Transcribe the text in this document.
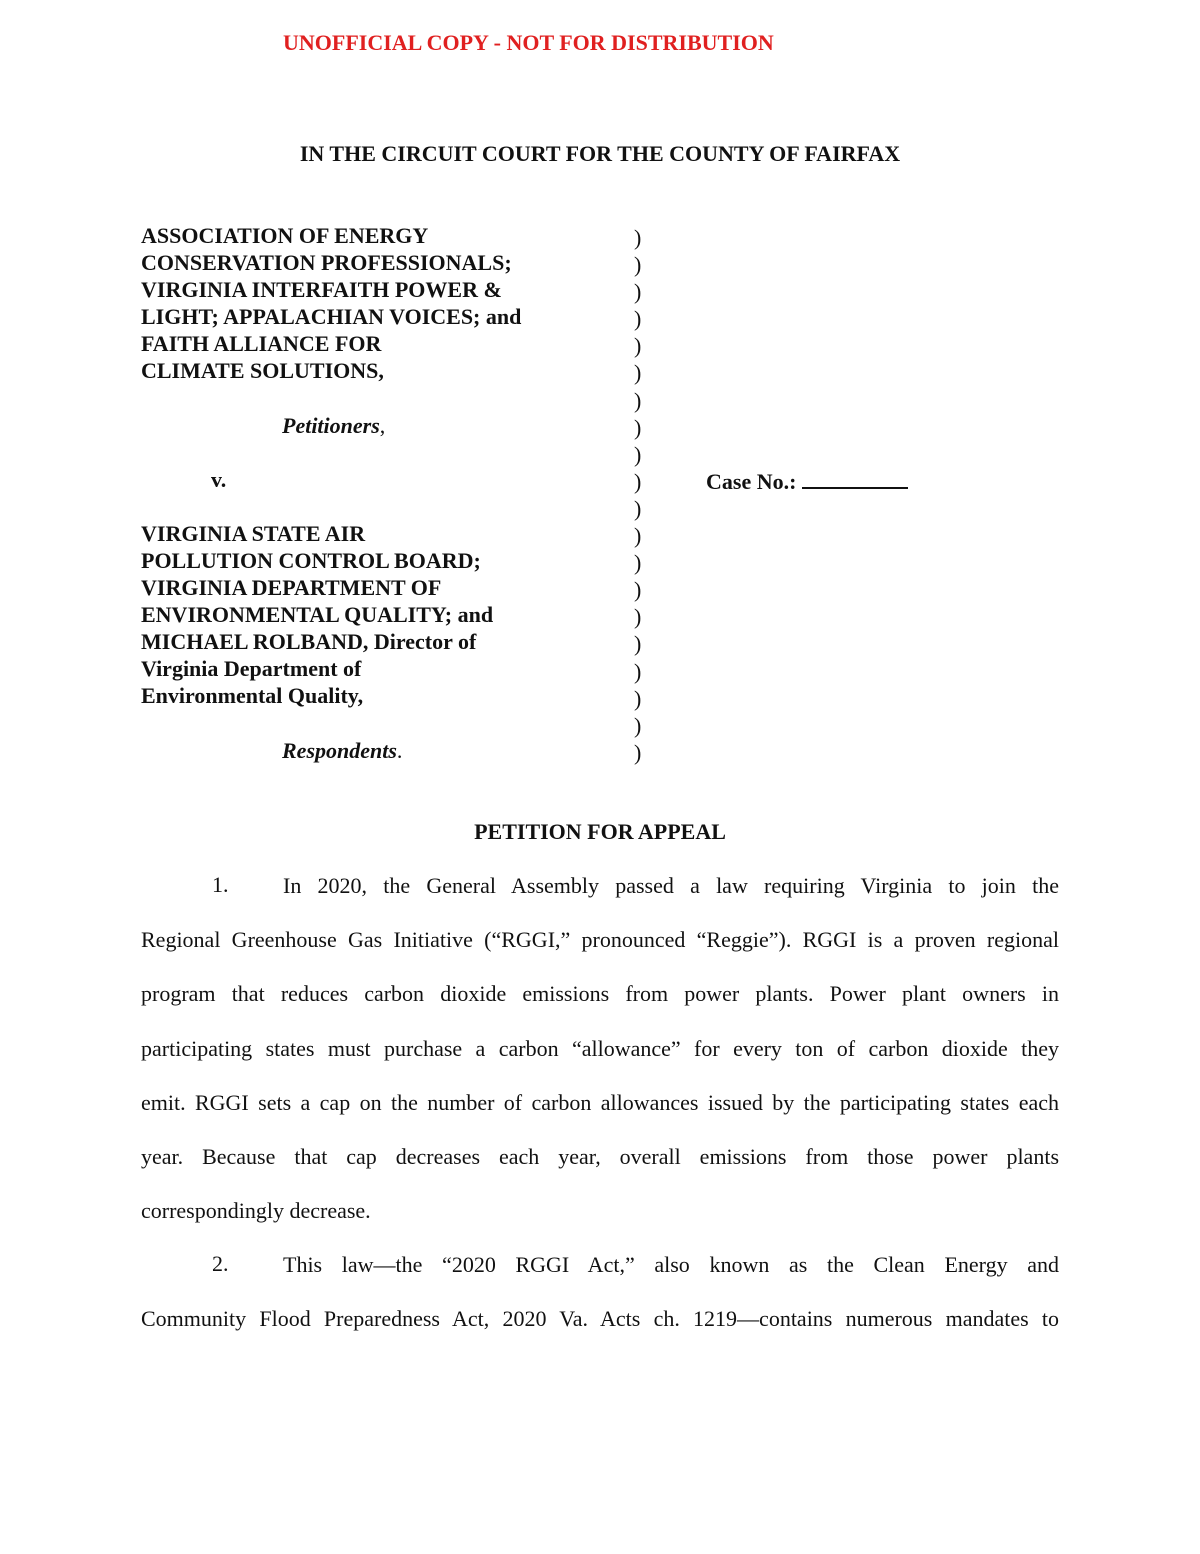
UNOFFICIAL COPY - NOT FOR DISTRIBUTION
IN THE CIRCUIT COURT FOR THE COUNTY OF FAIRFAX
ASSOCIATION OF ENERGY
CONSERVATION PROFESSIONALS;
VIRGINIA INTERFAITH POWER &
LIGHT; APPALACHIAN VOICES; and
FAITH ALLIANCE FOR
CLIMATE SOLUTIONS,
Petitioners,
v.
VIRGINIA STATE AIR
POLLUTION CONTROL BOARD;
VIRGINIA DEPARTMENT OF
ENVIRONMENTAL QUALITY; and
MICHAEL ROLBAND, Director of
Virginia Department of
Environmental Quality,
Respondents.
)
)
)
)
)
)
)
)
)
)
)
)
)
)
)
)
)
)
)
)
Case No.:
PETITION FOR APPEAL
1. In 2020, the General Assembly passed a law requiring Virginia to join the
Regional Greenhouse Gas Initiative (“RGGI,” pronounced “Reggie”). RGGI is a proven regional
program that reduces carbon dioxide emissions from power plants. Power plant owners in
participating states must purchase a carbon “allowance” for every ton of carbon dioxide they
emit. RGGI sets a cap on the number of carbon allowances issued by the participating states each
year. Because that cap decreases each year, overall emissions from those power plants
correspondingly decrease.
2. This law—the “2020 RGGI Act,” also known as the Clean Energy and
Community Flood Preparedness Act, 2020 Va. Acts ch. 1219—contains numerous mandates to
